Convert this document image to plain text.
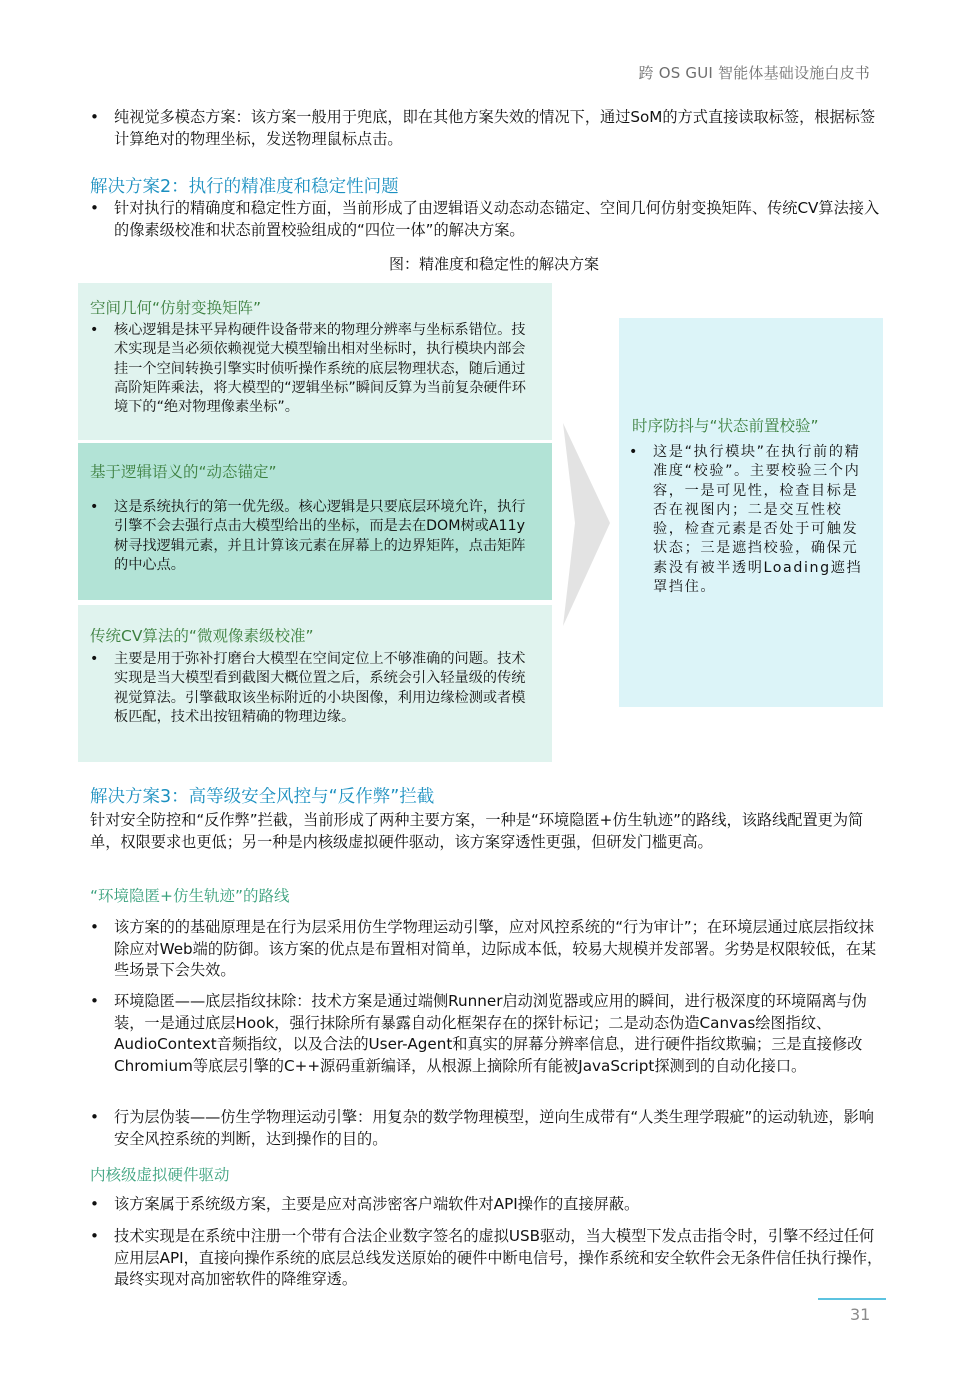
跨 OS GUI 智能体基础设施白皮书
• 纯视觉多模态方案：该方案一般用于兜底，即在其他方案失效的情况下，通过SoM的方式直接读取标签，根据标签计算绝对的物理坐标，发送物理鼠标点击。
解决方案2：执行的精准度和稳定性问题
• 针对执行的精确度和稳定性方面，当前形成了由逻辑语义动态动态锚定、空间几何仿射变换矩阵、传统CV算法接入的像素级校准和状态前置校验组成的“四位一体”的解决方案。
图：精准度和稳定性的解决方案
空间几何“仿射变换矩阵”
• 核心逻辑是抹平异构硬件设备带来的物理分辨率与坐标系错位。技术实现是当必须依赖视觉大模型输出相对坐标时，执行模块内部会挂一个空间转换引擎实时侦听操作系统的底层物理状态，随后通过高阶矩阵乘法，将大模型的“逻辑坐标”瞬间反算为当前复杂硬件环境下的“绝对物理像素坐标”。
基于逻辑语义的“动态锚定”
• 这是系统执行的第一优先级。核心逻辑是只要底层环境允许，执行引擎不会去强行点击大模型给出的坐标，而是去在DOM树或A11y树寻找逻辑元素，并且计算该元素在屏幕上的边界矩阵，点击矩阵的中心点。
传统CV算法的“微观像素级校准”
• 主要是用于弥补打磨台大模型在空间定位上不够准确的问题。技术实现是当大模型看到截图大概位置之后，系统会引入轻量级的传统视觉算法。引擎截取该坐标附近的小块图像，利用边缘检测或者模板匹配，技术出按钮精确的物理边缘。
时序防抖与“状态前置校验”
• 这是“执行模块”在执行前的精准度“校验”。主要校验三个内容，一是可见性，检查目标是否在视图内；二是交互性校验，检查元素是否处于可触发状态；三是遮挡校验，确保元素没有被半透明Loading遮挡罩挡住。
解决方案3：高等级安全风控与“反作弊”拦截
针对安全防控和“反作弊”拦截，当前形成了两种主要方案，一种是“环境隐匿+仿生轨迹”的路线，该路线配置更为简单，权限要求也更低；另一种是内核级虚拟硬件驱动，该方案穿透性更强，但研发门槛更高。
“环境隐匿+仿生轨迹”的路线
• 该方案的的基础原理是在行为层采用仿生学物理运动引擎，应对风控系统的“行为审计”；在环境层通过底层指纹抹除应对Web端的防御。该方案的优点是布置相对简单，边际成本低，较易大规模并发部署。劣势是权限较低，在某些场景下会失效。
• 环境隐匿——底层指纹抹除：技术方案是通过端侧Runner启动浏览器或应用的瞬间，进行极深度的环境隔离与伪装，一是通过底层Hook，强行抹除所有暴露自动化框架存在的探针标记；二是动态伪造Canvas绘图指纹、AudioContext音频指纹，以及合法的User-Agent和真实的屏幕分辨率信息，进行硬件指纹欺骗；三是直接修改Chromium等底层引擎的C++源码重新编译，从根源上摘除所有能被JavaScript探测到的自动化接口。
• 行为层伪装——仿生学物理运动引擎：用复杂的数学物理模型，逆向生成带有“人类生理学瑕疵”的运动轨迹，影响安全风控系统的判断，达到操作的目的。
内核级虚拟硬件驱动
• 该方案属于系统级方案，主要是应对高涉密客户端软件对API操作的直接屏蔽。
• 技术实现是在系统中注册一个带有合法企业数字签名的虚拟USB驱动，当大模型下发点击指令时，引擎不经过任何应用层API，直接向操作系统的底层总线发送原始的硬件中断电信号，操作系统和安全软件会无条件信任执行操作，最终实现对高加密软件的降维穿透。
31
